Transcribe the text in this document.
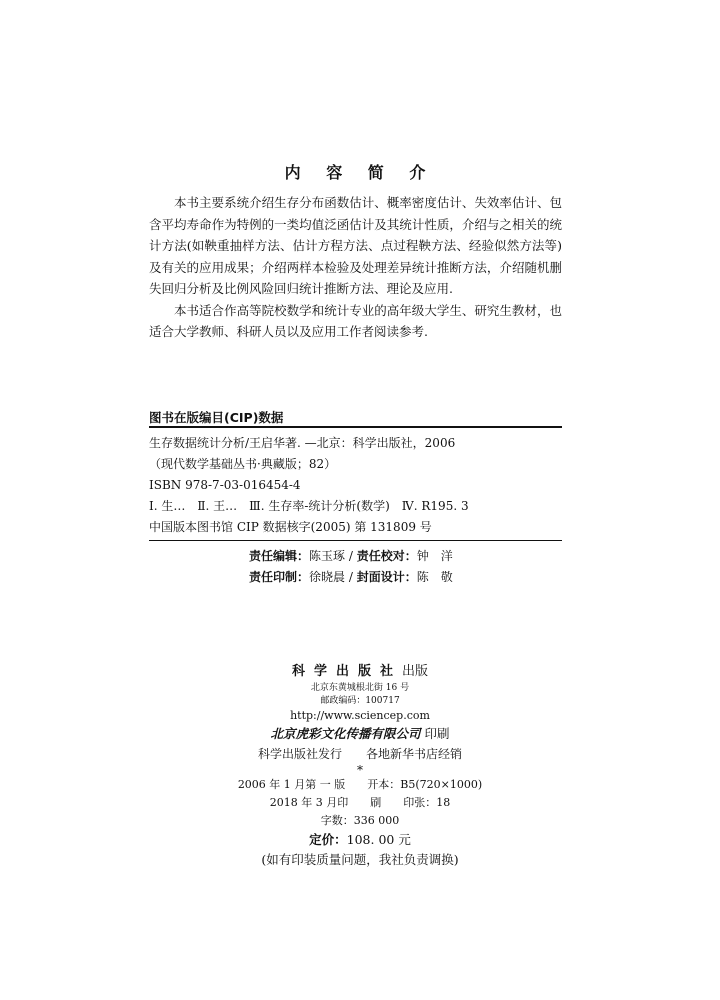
内 容 简 介

本书主要系统介绍生存分布函数估计、概率密度估计、失效率估计、包含平均寿命作为特例的一类均值泛函估计及其统计性质，介绍与之相关的统计方法(如鞅重抽样方法、估计方程方法、点过程鞅方法、经验似然方法等)及有关的应用成果；介绍两样本检验及处理差异统计推断方法，介绍随机删失回归分析及比例风险回归统计推断方法、理论及应用.

本书适合作高等院校数学和统计专业的高年级大学生、研究生教材，也适合大学教师、科研人员以及应用工作者阅读参考.

图书在版编目(CIP)数据
生存数据统计分析/王启华著. —北京：科学出版社，2006
（现代数学基础丛书·典藏版；82）
ISBN 978-7-03-016454-4
Ⅰ. 生…　Ⅱ. 王…　Ⅲ. 生存率-统计分析(数学)　Ⅳ. R195. 3
中国版本图书馆 CIP 数据核字(2005) 第 131809 号
责任编辑：陈玉琢 / 责任校对：钟　洋
责任印制：徐晓晨 / 封面设计：陈　敬
科学出版社出版
北京东黄城根北街 16 号
邮政编码：100717
http://www.sciencep.com
北京虎彩文化传播有限公司 印刷
科学出版社发行　　各地新华书店经销
*
2006 年 1 月第 一 版　　开本：B5(720×1000)
2018 年 3 月印　　刷　　印张：18
字数：336 000
定价：108. 00 元
(如有印装质量问题，我社负责调换)
